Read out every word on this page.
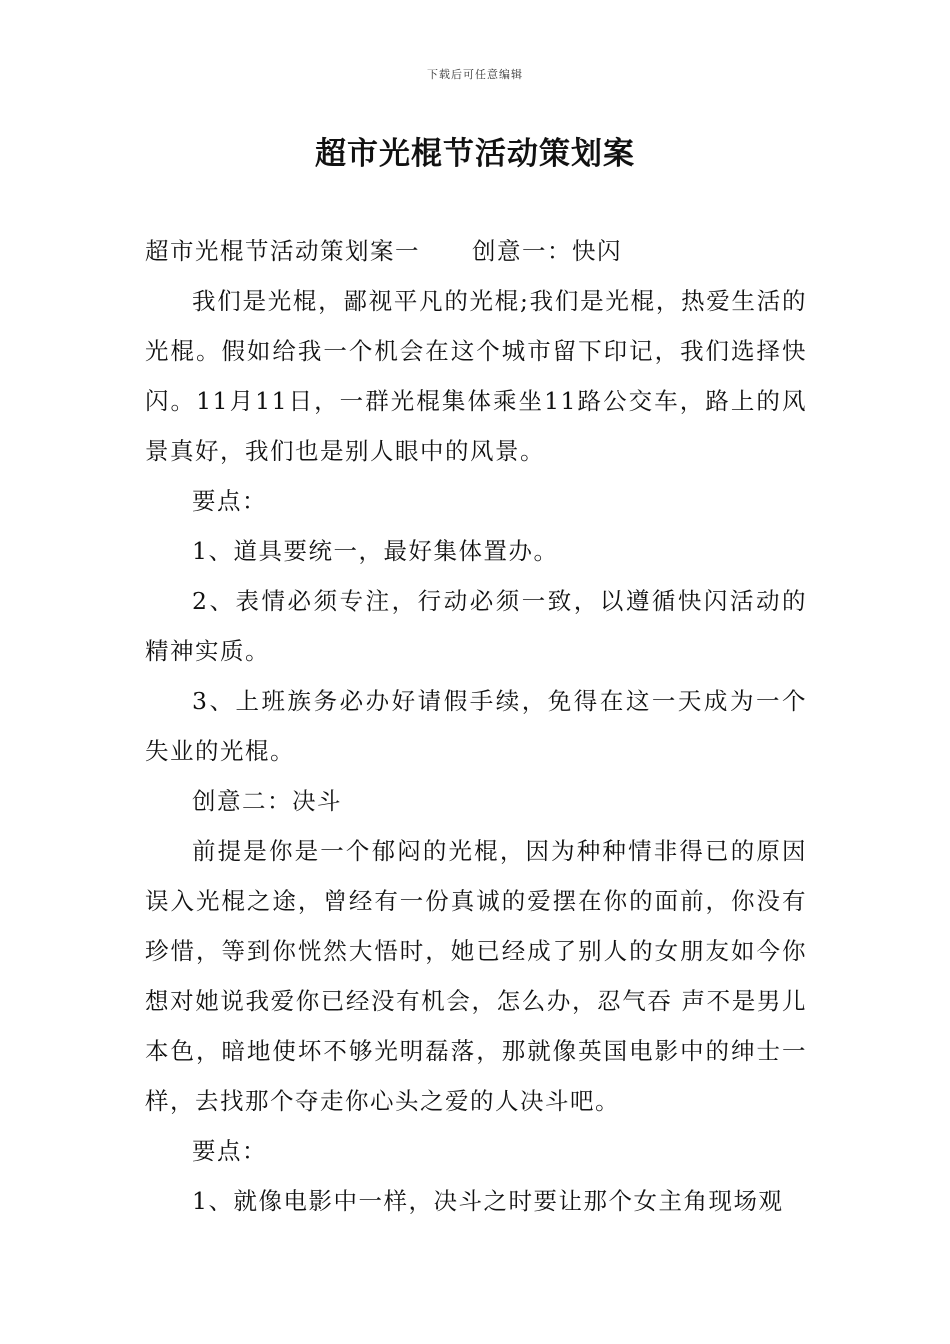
下载后可任意编辑
超市光棍节活动策划案

超市光棍节活动策划案一 创意一：快闪

我们是光棍，鄙视平凡的光棍;我们是光棍，热爱生活的光棍。假如给我一个机会在这个城市留下印记，我们选择快闪。11月11日，一群光棍集体乘坐11路公交车，路上的风景真好，我们也是别人眼中的风景。

要点：

1、道具要统一，最好集体置办。

2、表情必须专注，行动必须一致，以遵循快闪活动的精神实质。

3、上班族务必办好请假手续，免得在这一天成为一个失业的光棍。

创意二：决斗

前提是你是一个郁闷的光棍，因为种种情非得已的原因误入光棍之途，曾经有一份真诚的爱摆在你的面前，你没有珍惜，等到你恍然大悟时，她已经成了别人的女朋友如今你想对她说我爱你已经没有机会，怎么办，忍气吞 声不是男儿本色，暗地使坏不够光明磊落，那就像英国电影中的绅士一样，去找那个夺走你心头之爱的人决斗吧。

要点：

1、就像电影中一样，决斗之时要让那个女主角现场观
